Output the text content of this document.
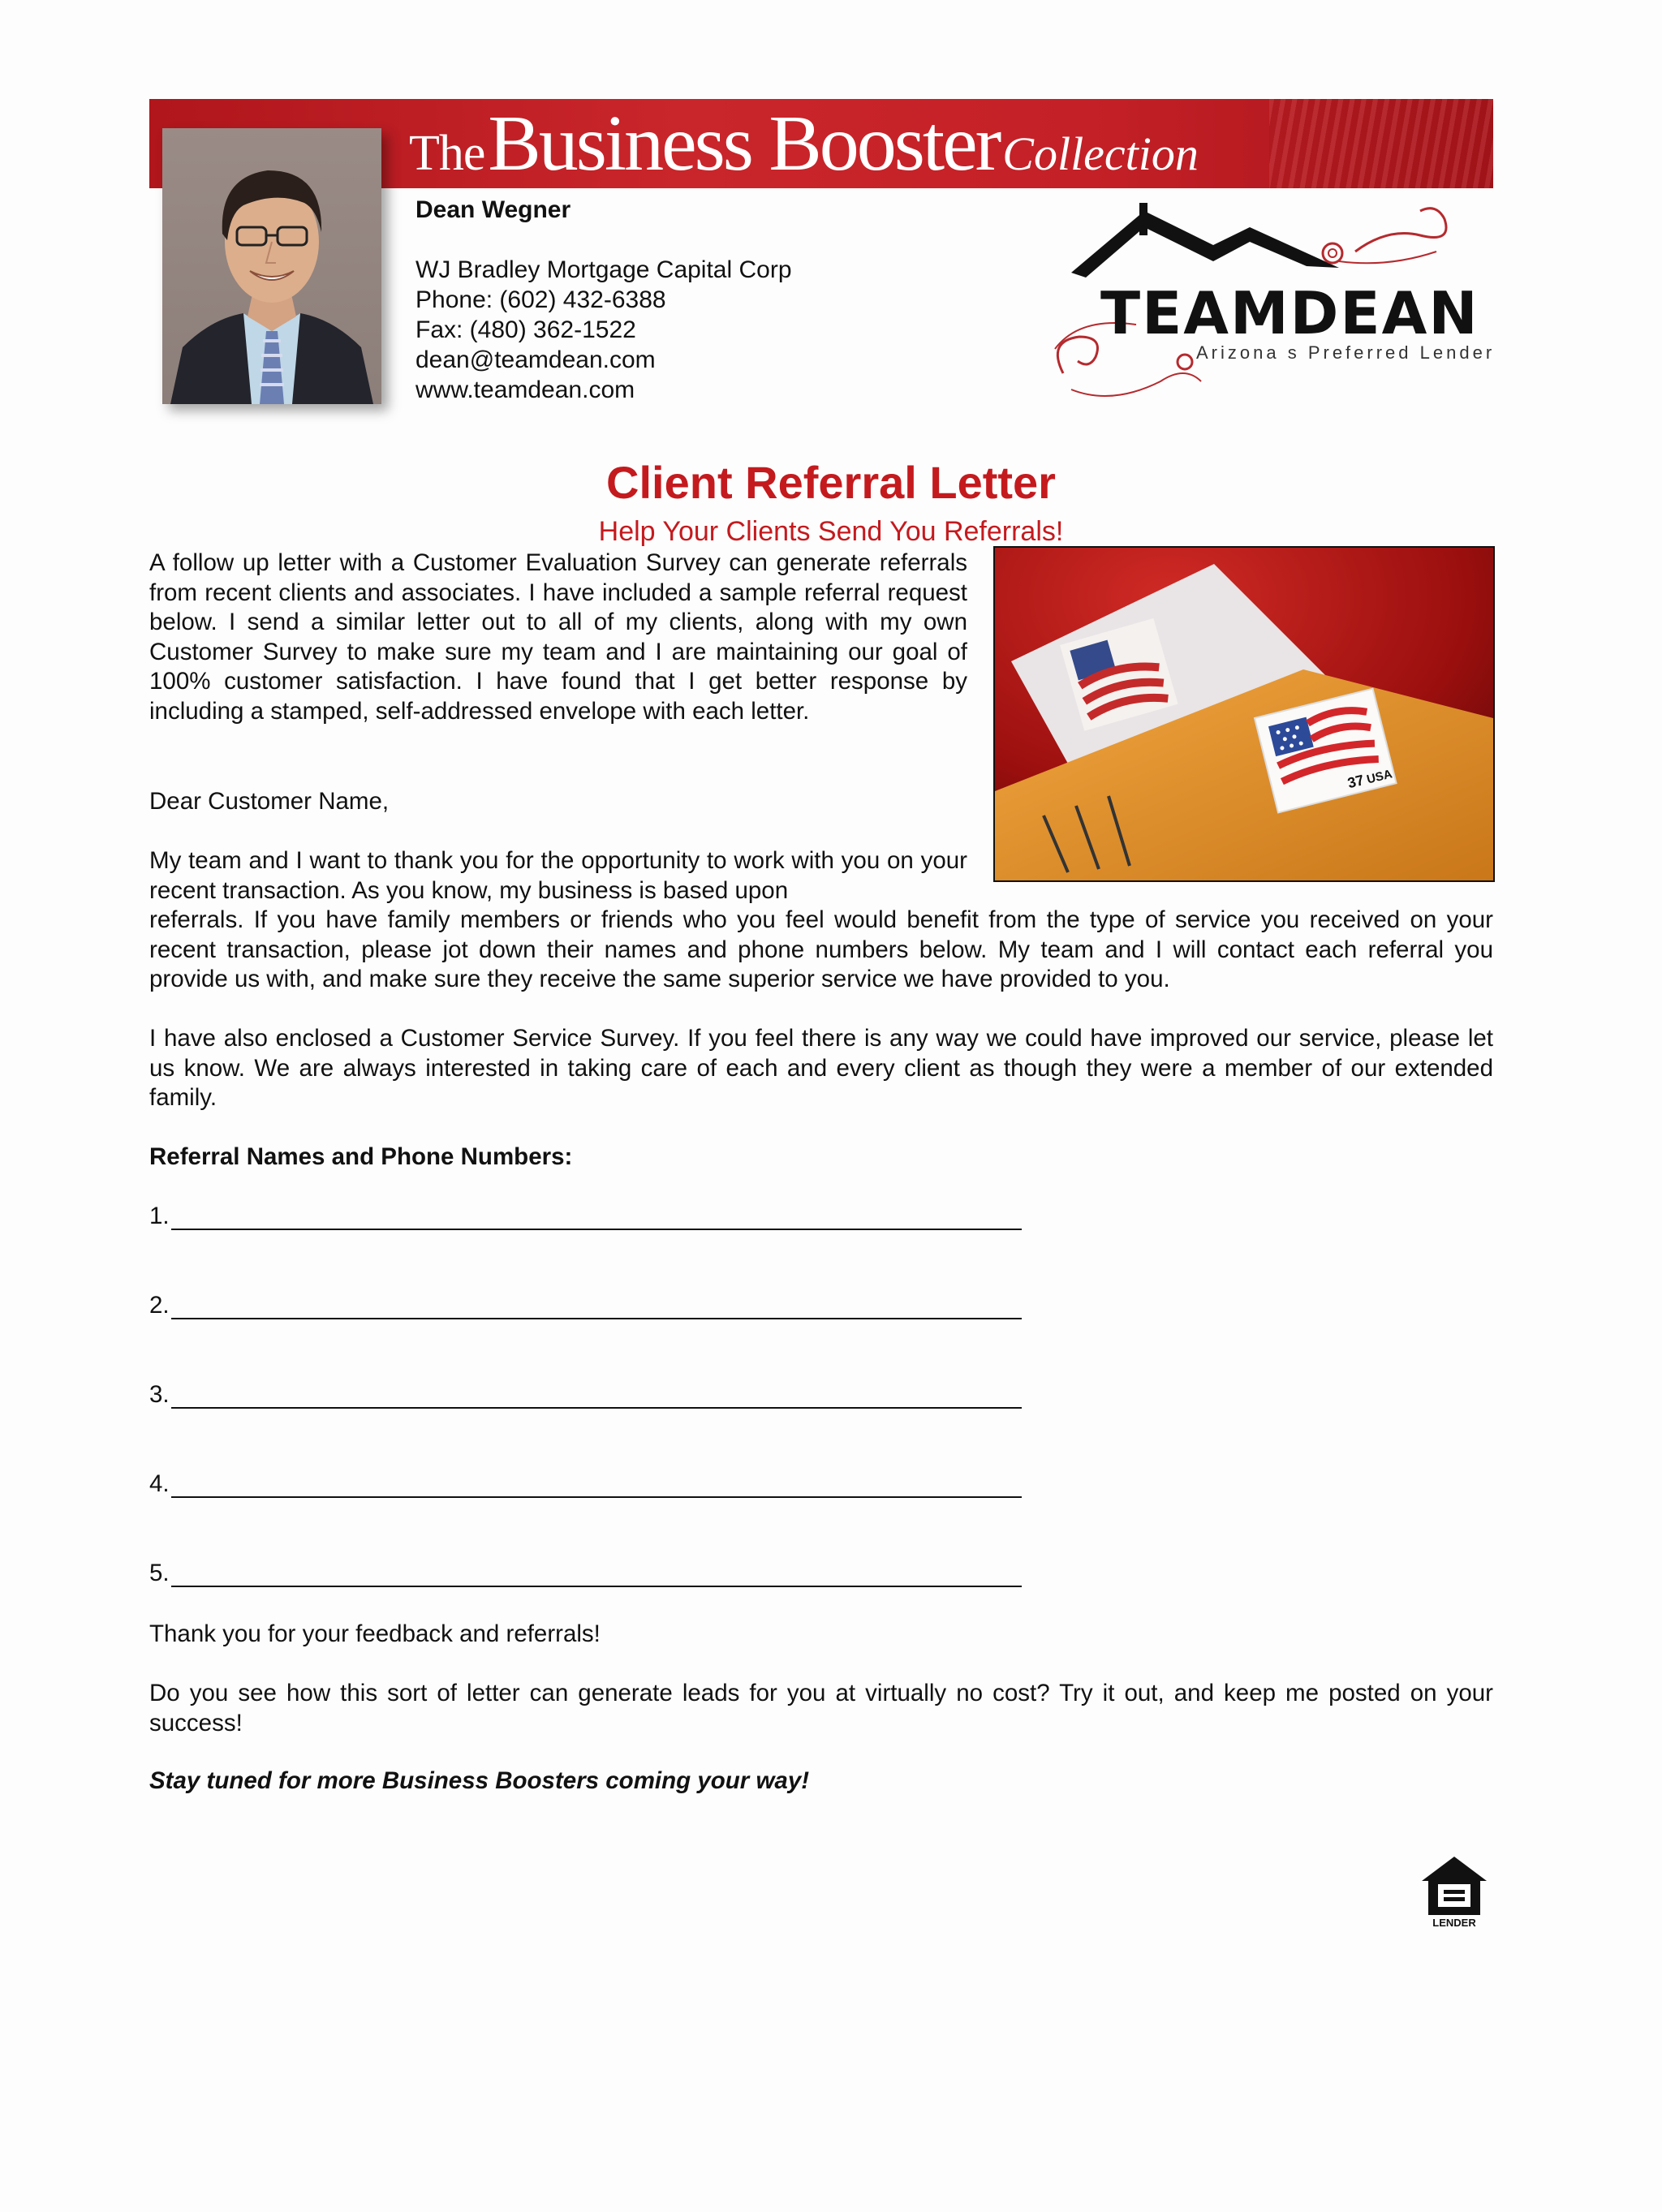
The Business Booster Collection
Dean Wegner
WJ Bradley Mortgage Capital Corp
Phone: (602) 432-6388
Fax: (480) 362-1522
dean@teamdean.com
www.teamdean.com
TEAMDEAN
Arizona s Preferred Lender
Client Referral Letter
Help Your Clients Send You Referrals!
37 USA
A follow up letter with a Customer Evaluation Survey can generate referrals from recent clients and associates. I have included a sample referral request below. I send a similar letter out to all of my clients, along with my own Customer Survey to make sure my team and I are maintaining our goal of 100% customer satisfaction. I have found that I get better response by including a stamped, self-addressed envelope with each letter.
Dear Customer Name,
My team and I want to thank you for the opportunity to work with you on your recent transaction. As you know, my business is based upon
referrals. If you have family members or friends who you feel would benefit from the type of service you received on your recent transaction, please jot down their names and phone numbers below. My team and I will contact each referral you provide us with, and make sure they receive the same superior service we have provided to you.
I have also enclosed a Customer Service Survey. If you feel there is any way we could have improved our service, please let us know. We are always interested in taking care of each and every client as though they were a member of our extended family.
Referral Names and Phone Numbers:
1.
2.
3.
4.
5.
Thank you for your feedback and referrals!
Do you see how this sort of letter can generate leads for you at virtually no cost? Try it out, and keep me posted on your success!
Stay tuned for more Business Boosters coming your way!
LENDER
